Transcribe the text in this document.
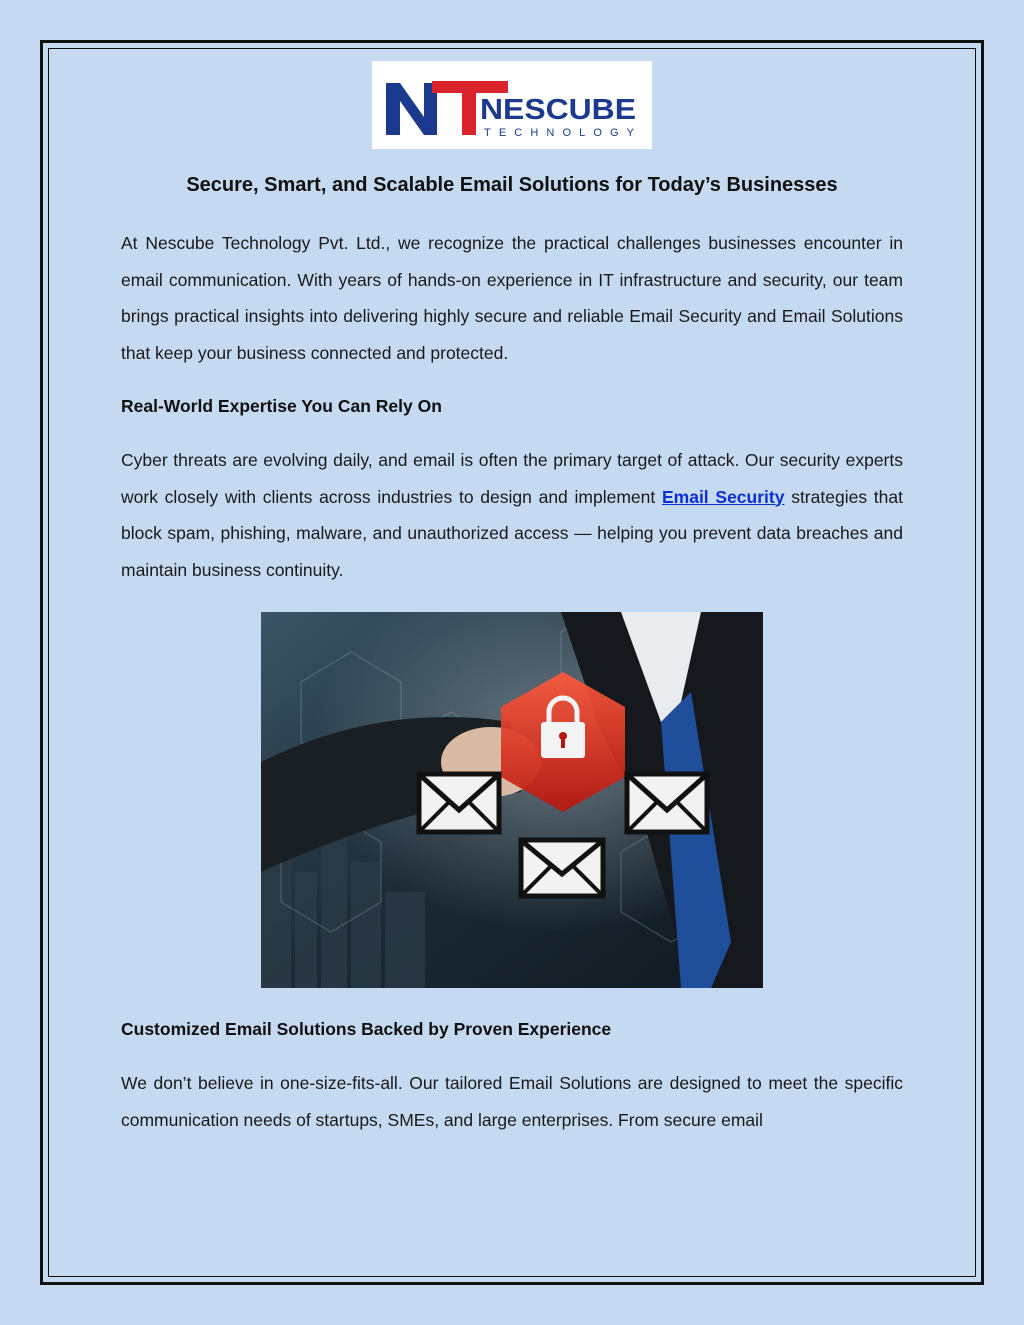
NESCUBE
TECHNOLOGY
Secure, Smart, and Scalable Email Solutions for Today’s Businesses

At Nescube Technology Pvt. Ltd., we recognize the practical challenges businesses encounter in email communication. With years of hands-on experience in IT infrastructure and security, our team brings practical insights into delivering highly secure and reliable Email Security and Email Solutions that keep your business connected and protected.

Real-World Expertise You Can Rely On

Cyber threats are evolving daily, and email is often the primary target of attack. Our security experts work closely with clients across industries to design and implement Email Security strategies that block spam, phishing, malware, and unauthorized access — helping you prevent data breaches and maintain business continuity.

Customized Email Solutions Backed by Proven Experience

We don’t believe in one-size-fits-all. Our tailored Email Solutions are designed to meet the specific communication needs of startups, SMEs, and large enterprises. From secure email
